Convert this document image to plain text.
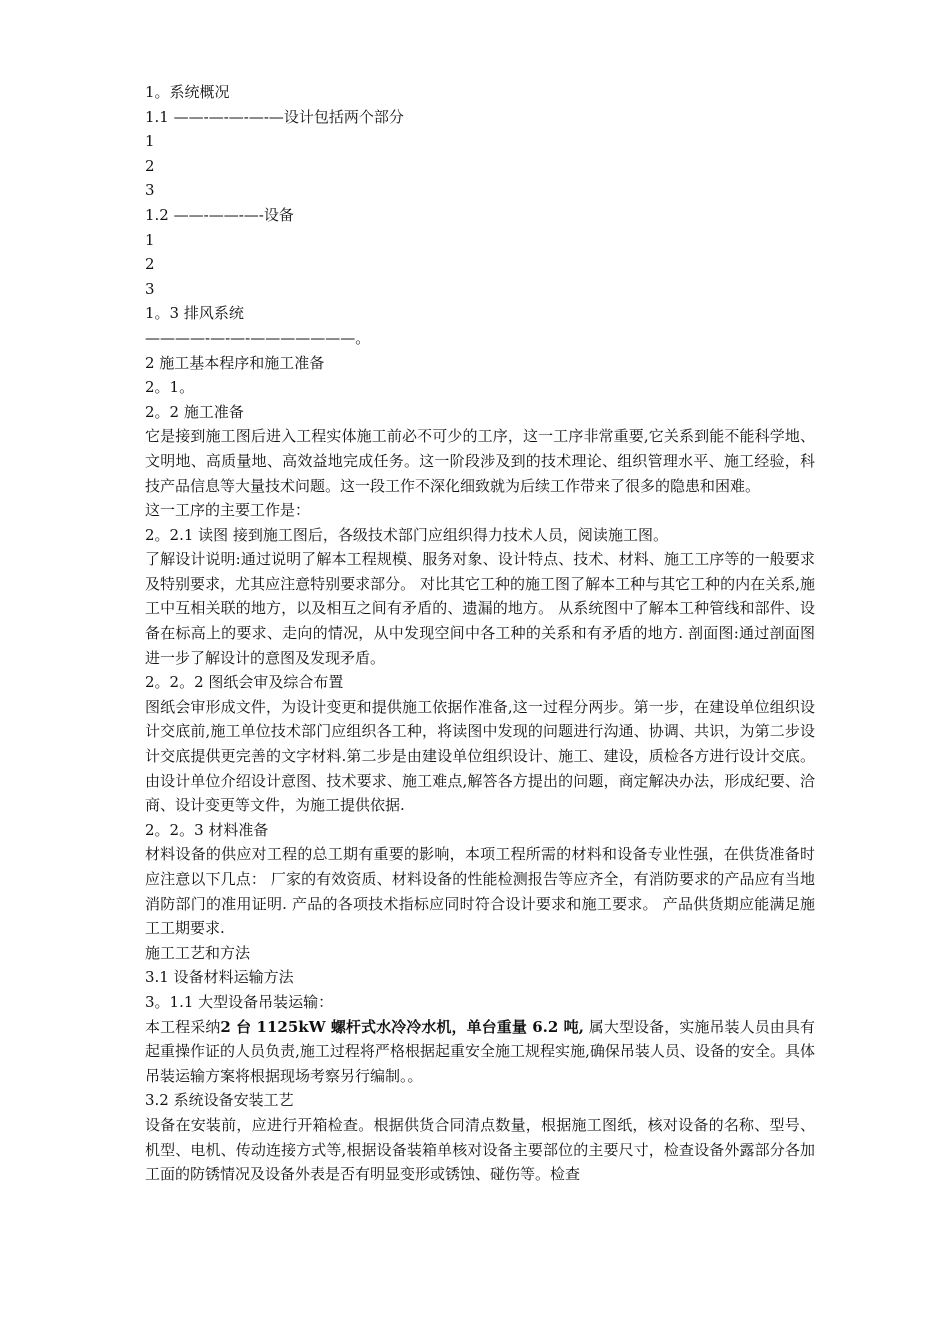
1。系统概况
1.1 ——-—-—-—-—设计包括两个部分
1
2
3
1.2 ——-——-—-设备
1
2
3
1。3 排风系统
————-—-—-———————。
2 施工基本程序和施工准备
2。1。
2。2 施工准备
它是接到施工图后进入工程实体施工前必不可少的工序，这一工序非常重要,它关系到能不能科学地、文明地、高质量地、高效益地完成任务。这一阶段涉及到的技术理论、组织管理水平、施工经验，科技产品信息等大量技术问题。这一段工作不深化细致就为后续工作带来了很多的隐患和困难。
这一工序的主要工作是：
2。2.1 读图 接到施工图后，各级技术部门应组织得力技术人员，阅读施工图。
了解设计说明:通过说明了解本工程规模、服务对象、设计特点、技术、材料、施工工序等的一般要求及特别要求，尤其应注意特别要求部分。 对比其它工种的施工图了解本工种与其它工种的内在关系,施工中互相关联的地方，以及相互之间有矛盾的、遗漏的地方。 从系统图中了解本工种管线和部件、设备在标高上的要求、走向的情况，从中发现空间中各工种的关系和有矛盾的地方. 剖面图:通过剖面图进一步了解设计的意图及发现矛盾。
2。2。2 图纸会审及综合布置
图纸会审形成文件，为设计变更和提供施工依据作准备,这一过程分两步。第一步，在建设单位组织设计交底前,施工单位技术部门应组织各工种，将读图中发现的问题进行沟通、协调、共识，为第二步设计交底提供更完善的文字材料.第二步是由建设单位组织设计、施工、建设，质检各方进行设计交底。由设计单位介绍设计意图、技术要求、施工难点,解答各方提出的问题，商定解决办法，形成纪要、洽商、设计变更等文件，为施工提供依据.
2。2。3 材料准备
材料设备的供应对工程的总工期有重要的影响，本项工程所需的材料和设备专业性强，在供货准备时应注意以下几点： 厂家的有效资质、材料设备的性能检测报告等应齐全，有消防要求的产品应有当地消防部门的准用证明. 产品的各项技术指标应同时符合设计要求和施工要求。 产品供货期应能满足施工工期要求.
施工工艺和方法
3.1 设备材料运输方法
3。1.1 大型设备吊装运输：
本工程采纳2 台 1125kW 螺杆式水冷冷水机，单台重量 6.2 吨, 属大型设备，实施吊装人员由具有起重操作证的人员负责,施工过程将严格根据起重安全施工规程实施,确保吊装人员、设备的安全。具体吊装运输方案将根据现场考察另行编制。。
3.2 系统设备安装工艺
设备在安装前，应进行开箱检查。根据供货合同清点数量，根据施工图纸，核对设备的名称、型号、机型、电机、传动连接方式等,根据设备装箱单核对设备主要部位的主要尺寸，检查设备外露部分各加工面的防锈情况及设备外表是否有明显变形或锈蚀、碰伤等。检查
